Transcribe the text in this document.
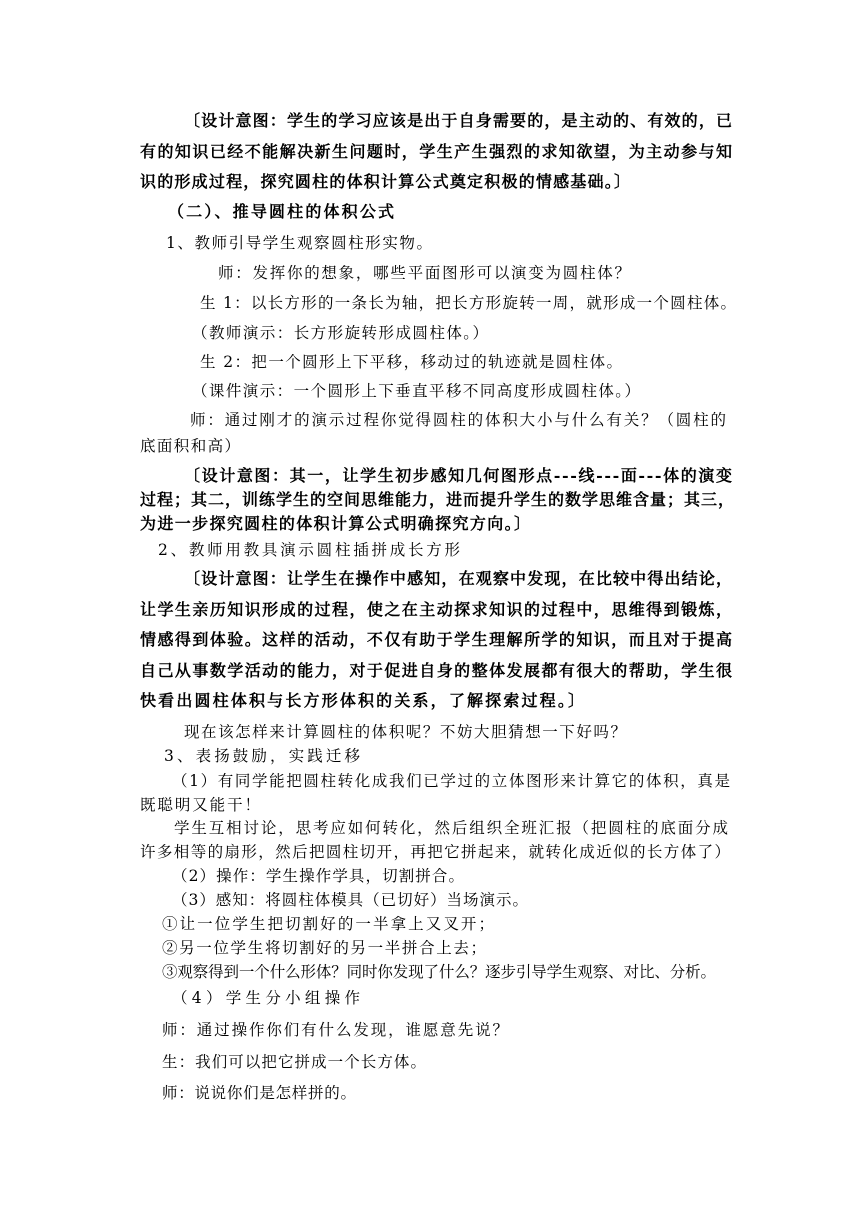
〔设计意图：学生的学习应该是出于自身需要的，是主动的、有效的，已
有的知识已经不能解决新生问题时，学生产生强烈的求知欲望，为主动参与知
识的形成过程，探究圆柱的体积计算公式奠定积极的情感基础。〕
（二）、推导圆柱的体积公式
1、教师引导学生观察圆柱形实物。
师：发挥你的想象，哪些平面图形可以演变为圆柱体？
生 1：以长方形的一条长为轴，把长方形旋转一周，就形成一个圆柱体。
（教师演示：长方形旋转形成圆柱体。）
生 2：把一个圆形上下平移，移动过的轨迹就是圆柱体。
（课件演示：一个圆形上下垂直平移不同高度形成圆柱体。）
师：通过刚才的演示过程你觉得圆柱的体积大小与什么有关？（圆柱的
底面积和高）
〔设计意图：其一，让学生初步感知几何图形点---线---面---体的演变
过程；其二，训练学生的空间思维能力，进而提升学生的数学思维含量；其三，
为进一步探究圆柱的体积计算公式明确探究方向。〕
2、教师用教具演示圆柱插拼成长方形
〔设计意图：让学生在操作中感知，在观察中发现，在比较中得出结论，
让学生亲历知识形成的过程，使之在主动探求知识的过程中，思维得到锻炼，
情感得到体验。这样的活动，不仅有助于学生理解所学的知识，而且对于提高
自己从事数学活动的能力，对于促进自身的整体发展都有很大的帮助，学生很
快看出圆柱体积与长方形体积的关系，了解探索过程。〕
现在该怎样来计算圆柱的体积呢？不妨大胆猜想一下好吗？
3、表扬鼓励，实践迁移
（1）有同学能把圆柱转化成我们已学过的立体图形来计算它的体积，真是
既聪明又能干！
学生互相讨论，思考应如何转化，然后组织全班汇报（把圆柱的底面分成
许多相等的扇形，然后把圆柱切开，再把它拼起来，就转化成近似的长方体了）
（2）操作：学生操作学具，切割拼合。
（3）感知：将圆柱体模具（已切好）当场演示。
①让一位学生把切割好的一半拿上又叉开；
②另一位学生将切割好的另一半拼合上去；
③观察得到一个什么形体？同时你发现了什么？逐步引导学生观察、对比、分析。
（4）学生分小组操作
师：通过操作你们有什么发现，谁愿意先说？
生：我们可以把它拼成一个长方体。
师：说说你们是怎样拼的。
